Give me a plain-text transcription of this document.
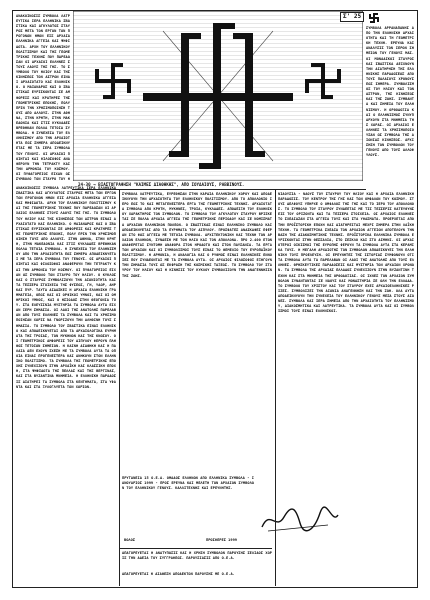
Σ' 25

ΑΝΑΚΟΙΝΩΣΙΣ ΣΥΜΒΟΛΑ ΛΑΤΡΕΥΤΙΚΑ ΙΕΡΑ ΕΛΛΗΝΙΚΑ ΣΒΑΣΤΙΚΑ ΚΑΙ ΑΓΚΥΛΩΤΟΣ ΣΤΑΥΡΟΣ ΜΕΤΑ ΤΩΝ ΕΡΓΩΝ ΤΩΝ ΠΡΟΓΟΝΩΝ ΗΜΩΝ ΕΙΣ ΑΡΧΑΙΑ ΕΛΛΗΝΙΚΑ ΑΓΓΕΙΑ ΚΑΙ ΨΗΦΙΔΩΤΑ. ΑΡΧΗ ΤΟΥ ΕΛΛΗΝΙΚΟΥ ΠΟΛΙΤΙΣΜΟΥ ΚΑΙ ΤΗΣ ΓΕΩΜΕΤΡΙΚΗΣ ΤΕΧΝΗΣ ΠΟΥ ΠΑΡΕΔΩΣΑΝ ΟΙ ΑΡΧΑΙΟΙ ΕΛΛΗΝΕΣ ΣΤΟΥΣ ΛΑΟΥΣ ΤΗΣ ΓΗΣ. ΤΟ ΣΥΜΒΟΛΟ ΤΟΥ ΗΛΙΟΥ ΚΑΙ ΤΗΣ ΚΙΝΗΣΕΩΣ ΤΩΝ ΑΣΤΡΩΝ ΕΙΝΑΙ ΑΡΧΑΙΟΤΑΤΟ ΚΑΙ ΕΛΛΗΝΙΚΟ. Ο ΜΑΙΑΝΔΡΟΣ ΚΑΙ Ο ΣΒΑΣΤΙΚΑΣ ΕΥΡΙΣΚΟΝΤΑΙ ΣΕ ΑΜΦΟΡΕΙΣ ΚΑΙ ΚΡΑΤΗΡΕΣ ΤΗΣ ΓΕΩΜΕΤΡΙΚΗΣ ΕΠΟΧΗΣ, ΠΟΛΥ ΠΡΙΝ ΤΗΝ ΧΡΗΣΙΜΟΠΟΙΗΣΗ ΤΟΥΣ ΑΠΟ ΑΛΛΟΥΣ. ΣΤΗΝ ΑΘΗΝΑ, ΣΤΗΝ ΚΡΗΤΗ, ΣΤΗΝ ΜΑΚΕΔΟΝΙΑ ΚΑΙ ΣΤΙΣ ΚΥΚΛΑΔΕΣ ΒΡΕΘΗΚΑΝ ΠΟΛΛΑ ΤΕΤΟΙΑ ΣΥΜΒΟΛΑ. Η ΣΥΝΕΧΕΙΑ ΤΟΥ ΕΛΛΗΝΙΣΜΟΥ ΑΠΟ ΤΗΝ ΑΡΧΑΙΟΤΗΤΑ ΕΩΣ ΣΗΜΕΡΑ ΑΠΟΔΕΙΚΝΥΕΤΑΙ ΜΕ ΤΑ ΙΕΡΑ ΣΥΜΒΟΛΑ ΤΟΥ ΓΕΝΟΥΣ. ΟΙ ΑΡΧΑΙΟΙ ΠΟΙΗΤΑΙ ΚΑΙ ΦΙΛΟΣΟΦΟΙ ΑΝΑΦΕΡΟΥΝ ΤΗΝ ΤΕΤΡΑΚΤΥ ΚΑΙ ΤΗΝ ΑΡΜΟΝΙΑ ΤΟΥ ΚΟΣΜΟΥ. ΟΙ ΠΥΘΑΓΟΡΕΙΟΙ ΕΙΧΑΝ ΩΣ ΣΥΜΒΟΛΟ ΤΟΝ ΣΤΑΥΡΟ ΤΟΥ Η

ΣΥΜΒΟΛΑ ΑΡΡΑΝΑΠΑΝΗΣ ΑΠΟ ΤΗΝ ΕΛΛΗΝΙΚΗ ΑΡΧΑΙΟΤΗΤΑ ΚΑΙ ΤΗ ΓΕΩΜΕΤΡΙΚΗ ΤΕΧΝΗ. ΕΡΕΥΝΑ ΚΑΙ ΑΝΑΛΥΣΙΣ ΤΩΝ ΙΕΡΩΝ ΣΗΜΕΙΩΝ ΤΟΥ ΓΕΝΟΥΣ ΜΑΣ. ΟΙ ΜΟΝΑΔΙΚΟΙ ΣΤΑΥΡΟΙ ΚΑΙ ΣΒΑΣΤΙΚΑ ΔΕΙΧΝΟΥΝ ΤΗΝ ΔΙΑΤΗΡΗΣΗ ΤΗΣ ΕΛΛΗΝΙΚΗΣ ΠΑΡΑΔΟΣΕΩΣ ΑΠΟ ΤΟΥΣ ΠΑΛΑΙΟΥΣ ΧΡΟΝΟΥΣ ΕΩΣ ΣΗΜΕΡΑ. ΣΥΜΒΟΛΙΣΜΟΣ ΤΟΥ ΗΛΙΟΥ ΚΑΙ ΤΩΝ ΑΣΤΡΩΝ, ΤΗΣ ΚΙΝΗΣΕΩΣ ΚΑΙ ΤΗΣ ΖΩΗΣ. ΣΥΜΒΑΝΤΑ ΚΑΙ ΣΗΜΕΙΑ ΤΟΥ ΕΛΛΗΝΙΣΜΟΥ. Η ΟΡΘΟΔΟΞΙΑ ΚΑΙ Ο ΕΛΛΗΝΙΣΜΟΣ ΣΥΝΥΠΑΡΧΟΥΝ ΣΤΑ ΜΝΗΜΕΙΑ ΤΗΣ ΧΩΡΑΣ. ΟΙ ΑΡΧΑΙΟΙ ΕΛΛΗΝΕΣ ΤΑ ΧΡΗΣΙΜΟΠΟΙΟΥΣΑΝ ΩΣ ΣΥΜΒΟΛΑ ΤΗΣ ΑΙΩΝΙΑΣ ΚΙΝΗΣΕΩΣ. ΑΡΧΙΣΗΣΗ ΤΩΝ ΣΥΜΒΟΛΩΝ ΤΟΥ ΓΕΝΟΥΣ ΑΠΟ ΤΟΥΣ ΑΛΛΟΦΥΛΟΥΣ.

24-30 → ΒΙΑΣΤΟΓΡΑΦΗΣΗ "ΚΑΙΜΕΣ ΔΙΑΘΗΚΗΣ", ΑΠΟ ΙΟΥΔΑΙΟΥΣ, ΡΑΒΒΙΝΟΥΣ.

ΑΝΑΚΟΙΝΩΣΙΣ ΣΥΜΒΟΛΑ ΛΑΤΡΕΥΤΙΚΑ ΙΕΡΑ ΕΛΛΗΝΙΚΑ ΣΒΑΣΤΙΚΑ ΚΑΙ ΑΓΚΥΛΩΤΟΣ ΣΤΑΥΡΟΣ ΜΕΤΑ ΤΩΝ ΕΡΓΩΝ ΤΩΝ ΠΡΟΓΟΝΩΝ ΗΜΩΝ ΕΙΣ ΑΡΧΑΙΑ ΕΛΛΗΝΙΚΑ ΑΓΓΕΙΑ ΚΑΙ ΨΗΦΙΔΩΤΑ. ΑΡΧΗ ΤΟΥ ΕΛΛΗΝΙΚΟΥ ΠΟΛΙΤΙΣΜΟΥ ΚΑΙ ΤΗΣ ΓΕΩΜΕΤΡΙΚΗΣ ΤΕΧΝΗΣ ΠΟΥ ΠΑΡΕΔΩΣΑΝ ΟΙ ΑΡΧΑΙΟΙ ΕΛΛΗΝΕΣ ΣΤΟΥΣ ΛΑΟΥΣ ΤΗΣ ΓΗΣ. ΤΟ ΣΥΜΒΟΛΟ ΤΟΥ ΗΛΙΟΥ ΚΑΙ ΤΗΣ ΚΙΝΗΣΕΩΣ ΤΩΝ ΑΣΤΡΩΝ ΕΙΝΑΙ ΑΡΧΑΙΟΤΑΤΟ ΚΑΙ ΕΛΛΗΝΙΚΟ. Ο ΜΑΙΑΝΔΡΟΣ ΚΑΙ Ο ΣΒΑΣΤΙΚΑΣ ΕΥΡΙΣΚΟΝΤΑΙ ΣΕ ΑΜΦΟΡΕΙΣ ΚΑΙ ΚΡΑΤΗΡΕΣ ΤΗΣ ΓΕΩΜΕΤΡΙΚΗΣ ΕΠΟΧΗΣ, ΠΟΛΥ ΠΡΙΝ ΤΗΝ ΧΡΗΣΙΜΟΠΟΙΗΣΗ ΤΟΥΣ ΑΠΟ ΑΛΛΟΥΣ. ΣΤΗΝ ΑΘΗΝΑ, ΣΤΗΝ ΚΡΗΤΗ, ΣΤΗΝ ΜΑΚΕΔΟΝΙΑ ΚΑΙ ΣΤΙΣ ΚΥΚΛΑΔΕΣ ΒΡΕΘΗΚΑΝ ΠΟΛΛΑ ΤΕΤΟΙΑ ΣΥΜΒΟΛΑ. Η ΣΥΝΕΧΕΙΑ ΤΟΥ ΕΛΛΗΝΙΣΜΟΥ ΑΠΟ ΤΗΝ ΑΡΧΑΙΟΤΗΤΑ ΕΩΣ ΣΗΜΕΡΑ ΑΠΟΔΕΙΚΝΥΕΤΑΙ ΜΕ ΤΑ ΙΕΡΑ ΣΥΜΒΟΛΑ ΤΟΥ ΓΕΝΟΥΣ. ΟΙ ΑΡΧΑΙΟΙ ΠΟΙΗΤΑΙ ΚΑΙ ΦΙΛΟΣΟΦΟΙ ΑΝΑΦΕΡΟΥΝ ΤΗΝ ΤΕΤΡΑΚΤΥ ΚΑΙ ΤΗΝ ΑΡΜΟΝΙΑ ΤΟΥ ΚΟΣΜΟΥ. ΟΙ ΠΥΘΑΓΟΡΕΙΟΙ ΕΙΧΑΝ ΩΣ ΣΥΜΒΟΛΟ ΤΟΝ ΣΤΑΥΡΟ ΤΟΥ ΗΛΙΟΥ. Ο ΚΥΚΛΟΣ ΚΑΙ Ο ΣΤΑΥΡΟΣ ΣΥΜΒΟΛΙΖΟΥΝ ΤΗΝ ΑΙΩΝΙΟΤΗΤΑ ΚΑΙ ΤΑ ΤΕΣΣΕΡΑ ΣΤΟΙΧΕΙΑ ΤΗΣ ΦΥΣΕΩΣ, ΓΗ, ΥΔΩΡ, ΑΗΡ ΚΑΙ ΠΥΡ. ΤΑΥΤΑ ΔΙΔΑΣΚΕΙ Η ΑΡΧΑΙΑ ΕΛΛΗΝΙΚΗ ΓΡΑΜΜΑΤΕΙΑ, ΟΠΩΣ ΚΑΙ ΟΙ ΟΡΦΙΚΟΙ ΥΜΝΟΙ, ΚΑΙ ΟΙ ΟΜΗΡΙΚΟΙ ΥΜΝΟΙ, ΚΑΙ Ο ΗΣΙΟΔΟΣ ΣΤΗΝ ΘΕΟΓΟΝΙΑ ΤΟΥ. ΣΤΑ ΕΛΕΥΣΙΝΙΑ ΜΥΣΤΗΡΙΑ ΤΑ ΣΥΜΒΟΛΑ ΑΥΤΑ ΕΙΧΑΝ ΙΕΡΗ ΣΗΜΑΣΙΑ. ΟΙ ΛΑΟΙ ΤΗΣ ΑΝΑΤΟΛΗΣ ΠΑΡΕΛΑΒΑΝ ΑΠΟ ΤΟΥΣ ΕΛΛΗΝΕΣ ΤΑ ΣΥΜΒΟΛΑ ΚΑΙ ΤΑ ΧΡΗΣΙΜΟΠΟΙΗΣΑΝ ΧΩΡΙΣ ΝΑ ΓΝΩΡΙΖΟΥΝ ΤΗΝ ΑΛΗΘΙΝΗ ΤΟΥΣ ΣΗΜΑΣΙΑ. ΤΟ ΣΥΜΒΟΛΟ ΤΟΥ ΣΒΑΣΤΙΚΑ ΕΙΝΑΙ ΕΛΛΗΝΙΚΟ ΚΑΙ ΑΠΟΔΕΙΚΝΥΕΤΑΙ ΑΠΟ ΤΑ ΑΡΧΑΙΟΛΟΓΙΚΑ ΕΥΡΗΜΑΤΑ ΤΗΣ ΤΡΟΙΑΣ, ΤΩΝ ΜΥΚΗΝΩΝ ΚΑΙ ΤΗΣ ΚΝΩΣΟΥ. ΟΙ ΓΕΩΜΕΤΡΙΚΟΙ ΑΜΦΟΡΕΙΣ ΤΟΥ ΔΙΠΥΛΟΥ ΦΕΡΟΥΝ ΠΛΗΘΟΣ ΤΕΤΟΙΩΝ ΣΗΜΕΙΩΝ. Η ΚΑΙΝΗ ΔΙΑΘΗΚΗ ΚΑΙ Η ΠΑΛΑΙΑ ΔΕΝ ΕΧΟΥΝ ΣΧΕΣΗ ΜΕ ΤΑ ΣΥΜΒΟΛΑ ΑΥΤΑ ΤΑ ΟΠΟΙΑ ΕΙΝΑΙ ΠΡΟΓΕΝΕΣΤΕΡΑ ΚΑΙ ΑΝΗΚΟΥΝ ΣΤΟΝ ΕΛΛΗΝΙΚΟ ΠΟΛΙΤΙΣΜΟ. ΤΑ ΣΥΜΒΟΛΑ ΤΗΣ ΓΕΩΜΕΤΡΙΚΗΣ ΕΠΟΧΗΣ ΣΥΝΕΧΙΖΟΥΝ ΣΤΗΝ ΑΡΧΑΪΚΗ ΚΑΙ ΚΛΑΣΣΙΚΗ ΕΠΟΧΗ, ΣΤΑ ΨΗΦΙΔΩΤΑ ΤΗΣ ΠΕΛΛΑΣ ΚΑΙ ΤΗΣ ΒΕΡΓΙΝΑΣ, ΚΑΙ ΣΤΑ ΒΥΖΑΝΤΙΝΑ ΜΝΗΜΕΙΑ. Η ΕΛΛΗΝΙΚΗ ΠΑΡΑΔΟΣΙΣ ΔΙΑΤΗΡΕΙ ΤΑ ΣΥΜΒΟΛΑ ΣΤΑ ΚΕΝΤΗΜΑΤΑ, ΣΤΑ ΥΦΑΝΤΑ ΚΑΙ ΣΤΑ ΞΥΛΟΓΛΥΠΤΑ ΤΩΝ ΧΩΡΙΩΝ.

ΣΥΜΒΟΛΑ ΛΑΤΡΕΥΤΙΚΑ, ΕΥΡΕΘΗΣΑΝ ΣΤΗΝ ΚΑΡΔΙΑ ΕΛΛΗΝΙΚΟΥ ΧΩΡΟΥ ΚΑΙ ΑΠΟΔΕΙΚΝΥΟΥΝ ΤΗΝ ΑΡΧΑΙΟΤΗΤΑ ΤΟΥ ΕΛΛΗΝΙΚΟΥ ΠΟΛΙΤΙΣΜΟΥ. ΑΠΟ ΤΟ ΑΠΟΛΛΩΝΙΟ ΙΕΡΟ ΕΩΣ ΤΟ ΚΑΙ ΜΕΤΑΓΕΝΕΣΤΕΡΑ ΕΡΓΑ ΤΗΣ ΓΕΩΜΕΤΡΙΚΗΣ ΤΕΧΝΗΣ. ΑΡΧΑΙΟΤΑΤΑ ΣΥΜΒΟΛΑ ΑΠΟ ΚΡΗΤΗ, ΜΥΚΗΝΕΣ, ΤΡΟΙΑ, ΚΥΚΛΑΔΕΣ. ΑΠΟΔΕΙΞΗ ΤΟΥ ΕΛΛΗΝΙΚΟΥ ΧΑΡΑΚΤΗΡΟΣ ΤΩΝ ΣΥΜΒΟΛΩΝ. ΤΟ ΣΥΜΒΟΛΟ ΤΟΥ ΑΓΚΥΛΩΤΟΥ ΣΤΑΥΡΟΥ ΒΡΙΣΚΕΤΑΙ ΣΕ ΠΟΛΛΑ ΑΡΧΑΙΑ ΑΓΓΕΙΑ ΤΗΣ ΓΕΩΜΕΤΡΙΚΗΣ ΠΕΡΙΟΔΟΥ ΚΑΙ ΣΕ ΝΟΜΙΣΜΑΤΑ ΑΡΧΑΙΩΝ ΕΛΛΗΝΙΚΩΝ ΠΟΛΕΩΝ. Ο ΣΒΑΣΤΙΚΑΣ ΕΙΝΑΙ ΕΛΛΗΝΙΚΟ ΣΥΜΒΟΛΟ ΚΑΙ ΑΠΟΔΕΙΚΝΥΕΤΑΙ ΑΠΟ ΤΑ ΕΥΡΗΜΑΤΑ ΤΟΥ ΔΙΠΥΛΟΥ. ΠΡΟΣΦΑΤΕΣ ΑΝΑΣΚΑΦΕΣ ΕΦΕΡΑΝ ΣΤΟ ΦΩΣ ΑΓΓΕΙΑ ΜΕ ΤΕΤΟΙΑ ΣΥΜΒΟΛΑ. ΑΡΧΙΤΕΚΤΟΝΙΚΗ ΚΑΙ ΤΕΧΝΗ ΤΩΝ ΑΡΧΑΙΩΝ ΕΛΛΗΝΩΝ, ΣΥΝΔΕΣΗ ΜΕ ΤΟΝ ΗΛΙΟ ΚΑΙ ΤΟΝ ΑΠΟΛΛΩΝΑ. ΠΡΟ 2.400 ΕΤΩΝ ΑΝΑΦΕΡΕΤΑΙ ΣΥΝΤΟΜΗ ΑΝΑΦΟΡΑ ΣΤΟΝ ΗΡΟΔΟΤΟ ΚΑΙ ΣΤΟΝ ΠΑΥΣΑΝΙΑ. ΤΑ ΕΡΓΑ ΤΩΝ ΑΡΧΑΙΩΝ ΚΑΙ ΟΙ ΣΥΜΒΟΛΙΣΜΟΙ ΤΟΥΣ ΕΙΝΑΙ ΤΟ ΘΕΜΕΛΙΟ ΤΟΥ ΕΥΡΩΠΑΪΚΟΥ ΠΟΛΙΤΙΣΜΟΥ. Η ΑΡΜΟΝΙΑ, Η ΑΝΑΛΟΓΙΑ ΚΑΙ Ο ΡΥΘΜΟΣ ΕΙΝΑΙ ΕΛΛΗΝΙΚΕΣ ΕΝΝΟΙΕΣ ΠΟΥ ΣΥΝΔΕΟΝΤΑΙ ΜΕ ΤΑ ΣΥΜΒΟΛΑ ΑΥΤΑ. ΟΙ ΑΡΧΑΙΟΙ ΦΙΛΟΣΟΦΟΙ ΕΞΗΓΟΥΝ ΤΗΝ ΣΗΜΑΣΙΑ ΤΟΥΣ ΩΣ ΕΚΦΡΑΣΗ ΤΗΣ ΚΟΣΜΙΚΗΣ ΤΑΞΕΩΣ. ΤΟ ΣΥΜΒΟΛΟ ΤΟΥ ΣΤΑΥΡΟΥ ΤΟΥ ΗΛΙΟΥ ΚΑΙ Η ΚΙΝΗΣΙΣ ΤΟΥ ΚΥΚΛΟΥ ΣΥΜΒΟΛΙΖΟΥΝ ΤΗΝ ΑΝΑΓΕΝΝΗΣΙΝ ΤΗΣ ΖΩΗΣ.

ΠΡΥΤΑΝΕΙΑ 15 Ο.Ε.Α. ΟΜΑΔΟΣ ΕΛΛΗΝΩΝ ΑΠΟ ΕΛΛΗΝΙΚΑ ΣΥΜΒΟΛΑ - ΙΑΝΟΥΑΡΙΟΣ 1999 - ΠΡΟΣ ΕΡΕΥΝΑ ΚΑΙ ΜΕΛΕΤΗ ΤΩΝ ΑΡΧΑΙΩΝ ΣΥΜΒΟΛΩΝ ΤΟΥ ΕΛΛΗΝΙΚΟΥ ΓΕΝΟΥΣ. ΚΑΛΛΙΤΕΧΝΗΣ ΚΑΙ ΕΡΕΥΝΗΤΗΣ.

ΒΟΛΟΣ	ΠΡΟΣΦΕΡΕΣ 1999

ΑΠΑΓΟΡΕΥΕΤΑΙ Η ΑΝΑΤΥΠΩΣΙΣ ΚΑΙ Η ΧΡΗΣΗ ΣΥΜΒΟΛΩΝ ΠΑΡΟΥΣΗΣ ΣΕΛΙΔΟΣ ΧΩΡΙΣ ΤΗΝ ΑΔΕΙΑ ΤΟΥ ΣΥΓΓΡΑΦΕΩΣ. ΠΑΡΟΥΣΙΑΣΙΣ ΑΠΟ Ο.Ε.Α.

ΑΠΑΓΟΡΕΥΕΤΑΙ Η ΔΙΑΘΕΣΗ ΑΠΟΔΕΚΤΩΝ ΠΑΡΟΥΣΗΣ ΜΕ Ο.Ε.Α.

ΝΙΑΟΥΣΙΑ - ΝΑΟΥΣ ΤΟΥ ΣΤΑΥΡΟΥ ΤΟΥ ΗΛΙΟΥ ΚΑΙ Η ΑΡΧΑΙΑ ΕΛΛΗΝΙΚΗ ΠΑΡΑΔΟΣΙΣ. ΤΟΥ ΚΕΝΤΡΟΥ ΤΗΣ ΓΗΣ ΚΑΙ ΤΩΝ ΟΜΦΑΛΩΝ ΤΟΥ ΚΟΣΜΟΥ. ΣΤΟΥΣ ΔΕΛΦΟΥΣ ΥΠΗΡΧΕ Ο ΟΜΦΑΛΟΣ ΤΗΣ ΓΗΣ ΚΑΙ ΤΟ ΙΕΡΟ ΤΟΥ ΑΠΟΛΛΩΝΟΣ. ΤΟ ΣΥΜΒΟΛΟ ΤΟΥ ΣΤΑΥΡΟΥ ΣΥΝΔΕΕΤΑΙ ΜΕ ΤΙΣ ΤΕΣΣΕΡΙΣ ΚΑΤΕΥΘΥΝΣΕΙΣ ΤΟΥ ΟΡΙΖΟΝΤΑ ΚΑΙ ΤΑ ΤΕΣΣΕΡΑ ΣΤΟΙΧΕΙΑ. ΟΙ ΑΡΧΑΙΟΙ ΕΛΛΗΝΕΣ ΤΟ ΣΧΕΔΙΑΖΑΝ ΣΤΑ ΑΓΓΕΙΑ ΤΟΥΣ ΚΑΙ ΣΤΑ ΥΦΑΣΜΑΤΑ. ΠΡΟΕΡΧΕΤΑΙ ΑΠΟ ΤΗΝ ΠΡΟΪΣΤΟΡΙΚΗ ΕΠΟΧΗ ΚΑΙ ΔΙΑΤΗΡΕΙΤΑΙ ΜΕΧΡΙ ΣΗΜΕΡΑ ΣΤΗΝ ΛΑΪΚΗ ΤΕΧΝΗ. ΤΑ ΓΕΩΜΕΤΡΙΚΑ ΣΧΕΔΙΑ ΤΩΝ ΑΡΧΑΙΩΝ ΑΓΓΕΙΩΝ ΑΠΟΤΕΛΟΥΝ ΤΗΝ ΒΑΣΗ ΤΗΣ ΔΙΑΚΟΣΜΗΤΙΚΗΣ ΤΕΧΝΗΣ. ΠΡΟΪΣΤΟΡΙΚΑ ΕΛΛΗΝΙΚΑ ΣΥΜΒΟΛΑ ΕΥΡΙΣΚΟΝΤΑΙ ΣΤΗΝ ΘΕΣΣΑΛΙΑ, ΣΤΟ ΣΕΣΚΛΟ ΚΑΙ ΣΤΟ ΔΙΜΗΝΙ. ΟΙ ΑΡΧΑΙΟΤΕΡΟΙ ΟΙΚΙΣΜΟΙ ΤΗΣ ΕΥΡΩΠΗΣ ΦΕΡΟΥΝ ΤΑ ΣΥΜΒΟΛΑ ΑΥΤΑ ΣΤΑ ΚΕΡΑΜΙΚΑ ΤΟΥΣ. Η ΜΕΓΑΛΗ ΑΡΧΑΙΟΤΗΣ ΤΩΝ ΣΥΜΒΟΛΩΝ ΑΠΟΔΕΙΚΝΥΕΙ ΤΗΝ ΕΛΛΗΝΙΚΗ ΤΟΥΣ ΠΡΟΕΛΕΥΣΗ. ΟΙ ΕΡΕΥΝΗΤΕΣ ΤΗΣ ΙΣΤΟΡΙΑΣ ΣΥΜΦΩΝΟΥΝ ΟΤΙ ΤΑ ΣΥΜΒΟΛΑ ΑΥΤΑ ΤΑ ΠΑΡΕΛΑΒΑΝ ΟΙ ΛΑΟΙ ΤΗΣ ΑΝΑΤΟΛΗΣ ΑΠΟ ΤΟΥΣ ΕΛΛΗΝΕΣ. ΘΡΗΣΚΕΥΤΙΚΕΣ ΠΑΡΑΔΟΣΕΙΣ ΚΑΙ ΜΥΣΤΗΡΙΑ ΤΩΝ ΑΡΧΑΙΩΝ ΧΡΟΝΩΝ. ΤΑ ΣΥΜΒΟΛΑ ΤΗΣ ΑΡΧΑΙΑΣ ΕΛΛΑΔΟΣ ΣΥΝΕΧΙΖΟΥΝ ΣΤΗΝ ΒΥΖΑΝΤΙΝΗ ΤΕΧΝΗ ΚΑΙ ΣΤΑ ΜΝΗΜΕΙΑ ΤΗΣ ΟΡΘΟΔΟΞΙΑΣ. ΟΙ ΙΧΝΕΣ ΤΩΝ ΑΡΧΑΙΩΝ ΣΥΜΒΟΛΩΝ ΣΥΝΑΝΤΩΝΤΑΙ ΣΕ ΝΑΟΥΣ ΚΑΙ ΜΟΝΑΣΤΗΡΙΑ ΣΕ ΟΛΗ ΤΗΝ ΕΛΛΑΔΑ. ΤΟ ΣΥΜΒΟΛΟ ΤΟΥ ΧΡΙΣΤΟΥ ΚΑΙ ΤΟΥ ΣΤΑΥΡΟΥ ΕΧΕΙ ΑΡΧΑΙΟΕΛΛΗΝΙΚΕΣ ΡΙΖΕΣ. ΣΥΜΒΟΛΙΖΕΙ ΤΗΝ ΑΙΩΝΙΑ ΑΝΑΓΕΝΝΗΣΗ ΚΑΙ ΤΗΝ ΖΩΗ. ΟΛΑ ΑΥΤΑ ΑΠΟΔΕΙΚΝΥΟΥΝ ΤΗΝ ΣΥΝΕΧΕΙΑ ΤΟΥ ΕΛΛΗΝΙΚΟΥ ΓΕΝΟΥΣ ΜΕΣΑ ΣΤΟΥΣ ΑΙΩΝΕΣ. ΣΥΜΒΟΛΑ ΚΑΙ ΙΕΡΑ ΣΗΜΕΙΑ ΑΠΟ ΤΗΝ ΑΡΧΑΙΟΤΗΤΑ ΤΟΥ ΕΛΛΗΝΙΣΜΟΥ, ΔΙΑΚΟΣΜΗΤΙΚΑ ΚΑΙ ΛΑΤΡΕΥΤΙΚΑ. ΤΑ ΣΥΜΒΟΛΑ ΑΥΤΑ ΚΑΙ ΟΙ ΣΥΜΒΟΛΙΣΜΟΙ ΤΟΥΣ ΕΙΝΑΙ ΕΛΛΗΝΙΚΟΙ.
